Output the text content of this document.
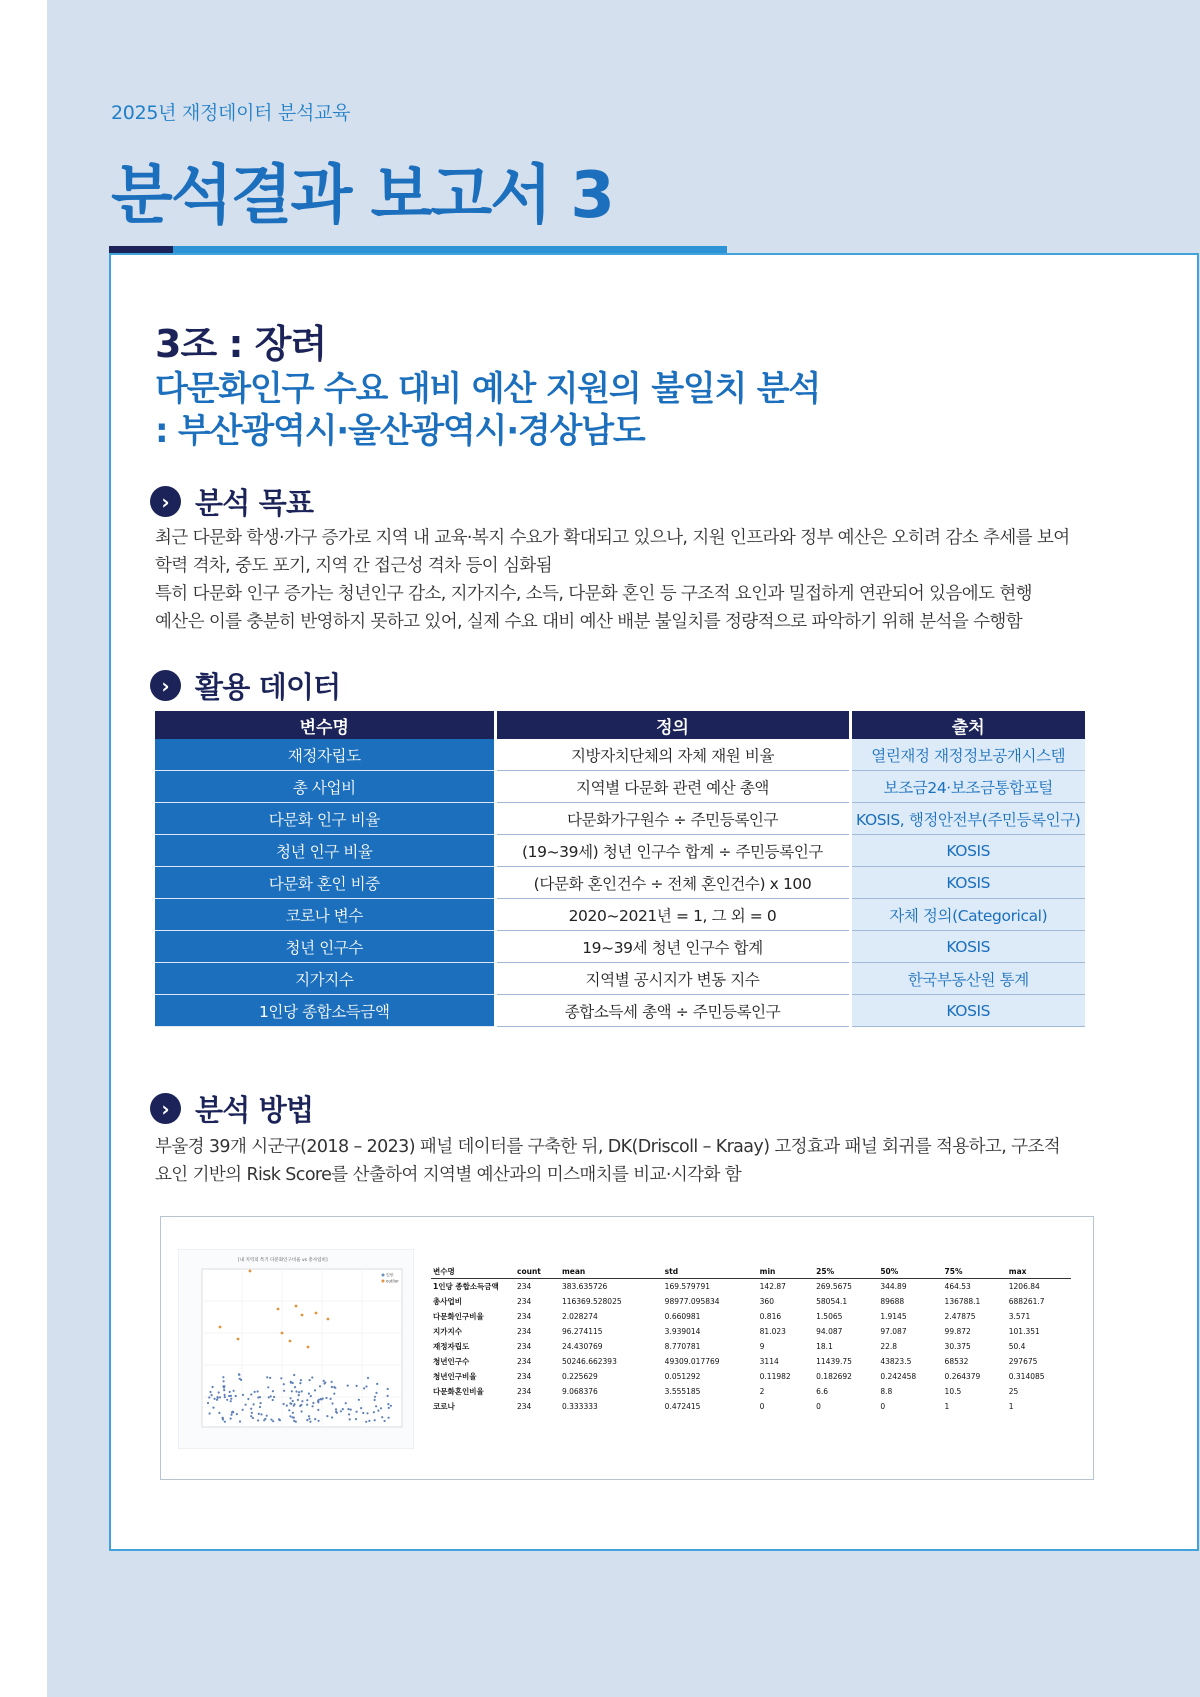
2025년 재정데이터 분석교육
분석결과 보고서 3
3조 : 장려
다문화인구 수요 대비 예산 지원의 불일치 분석
: 부산광역시·울산광역시·경상남도
› 분석 목표

최근 다문화 학생·가구 증가로 지역 내 교육·복지 수요가 확대되고 있으나, 지원 인프라와 정부 예산은 오히려 감소 추세를 보여

학력 격차, 중도 포기, 지역 간 접근성 격차 등이 심화됨

특히 다문화 인구 증가는 청년인구 감소, 지가지수, 소득, 다문화 혼인 등 구조적 요인과 밀접하게 연관되어 있음에도 현행

예산은 이를 충분히 반영하지 못하고 있어, 실제 수요 대비 예산 배분 불일치를 정량적으로 파악하기 위해 분석을 수행함

› 활용 데이터
변수명	정의	출처
재정자립도	지방자치단체의 자체 재원 비율	열린재정 재정정보공개시스템
총 사업비	지역별 다문화 관련 예산 총액	보조금24·보조금통합포털
다문화 인구 비율	다문화가구원수 ÷ 주민등록인구	KOSIS, 행정안전부(주민등록인구)
청년 인구 비율	(19~39세) 청년 인구수 합계 ÷ 주민등록인구	KOSIS
다문화 혼인 비중	(다문화 혼인건수 ÷ 전체 혼인건수) x 100	KOSIS
코로나 변수	2020~2021년 = 1, 그 외 = 0	자체 정의(Categorical)
청년 인구수	19~39세 청년 인구수 합계	KOSIS
지가지수	지역별 공시지가 변동 지수	한국부동산원 통계
1인당 종합소득금액	종합소득세 총액 ÷ 주민등록인구	KOSIS
› 분석 방법

부울경 39개 시군구(2018 – 2023) 패널 데이터를 구축한 뒤, DK(Driscoll – Kraay) 고정효과 패널 회귀를 적용하고, 구조적

요인 기반의 Risk Score를 산출하여 지역별 예산과의 미스매치를 비교·시각화 함

[내 지역의 특기 다문화인구비율 vs 총사업비]
일반
outlier
변수명	count	mean	std	min	25%	50%	75%	max
1인당 종합소득금액	234	383.635726	169.579791	142.87	269.5675	344.89	464.53	1206.84
총사업비	234	116369.528025	98977.095834	360	58054.1	89688	136788.1	688261.7
다문화인구비율	234	2.028274	0.660981	0.816	1.5065	1.9145	2.47875	3.571
지가지수	234	96.274115	3.939014	81.023	94.087	97.087	99.872	101.351
재정자립도	234	24.430769	8.770781	9	18.1	22.8	30.375	50.4
청년인구수	234	50246.662393	49309.017769	3114	11439.75	43823.5	68532	297675
청년인구비율	234	0.225629	0.051292	0.11982	0.182692	0.242458	0.264379	0.314085
다문화혼인비율	234	9.068376	3.555185	2	6.6	8.8	10.5	25
코로나	234	0.333333	0.472415	0	0	0	1	1
